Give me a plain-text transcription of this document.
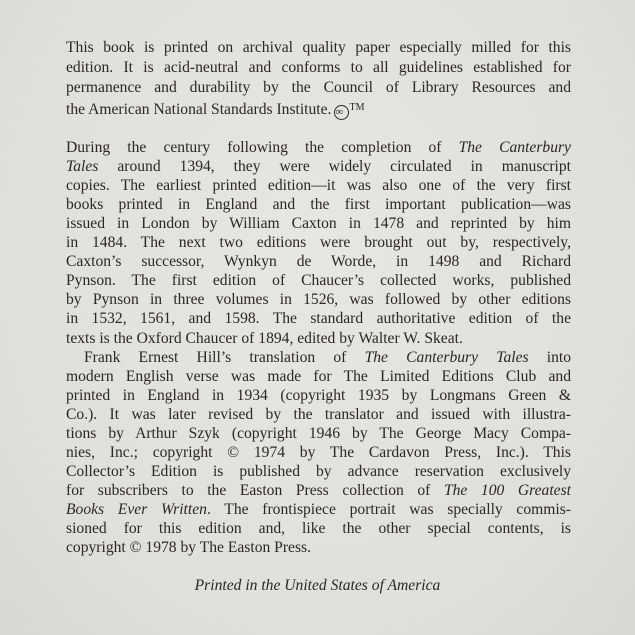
This book is printed on archival quality paper especially milled for this
edition. It is acid-neutral and conforms to all guidelines established for
permanence and durability by the Council of Library Resources and
the American National Standards Institute. ∞ ™
During the century following the completion of The Canterbury
Tales around 1394, they were widely circulated in manuscript
copies. The earliest printed edition—it was also one of the very first
books printed in England and the first important publication—was
issued in London by William Caxton in 1478 and reprinted by him
in 1484. The next two editions were brought out by, respectively,
Caxton’s successor, Wynkyn de Worde, in 1498 and Richard
Pynson. The first edition of Chaucer’s collected works, published
by Pynson in three volumes in 1526, was followed by other editions
in 1532, 1561, and 1598. The standard authoritative edition of the
texts is the Oxford Chaucer of 1894, edited by Walter W. Skeat.
Frank Ernest Hill’s translation of The Canterbury Tales into
modern English verse was made for The Limited Editions Club and
printed in England in 1934 (copyright 1935 by Longmans Green &
Co.). It was later revised by the translator and issued with illustra-
tions by Arthur Szyk (copyright 1946 by The George Macy Compa-
nies, Inc.; copyright © 1974 by The Cardavon Press, Inc.). This
Collector’s Edition is published by advance reservation exclusively
for subscribers to the Easton Press collection of The 100 Greatest
Books Ever Written. The frontispiece portrait was specially commis-
sioned for this edition and, like the other special contents, is
copyright © 1978 by The Easton Press.
Printed in the United States of America
